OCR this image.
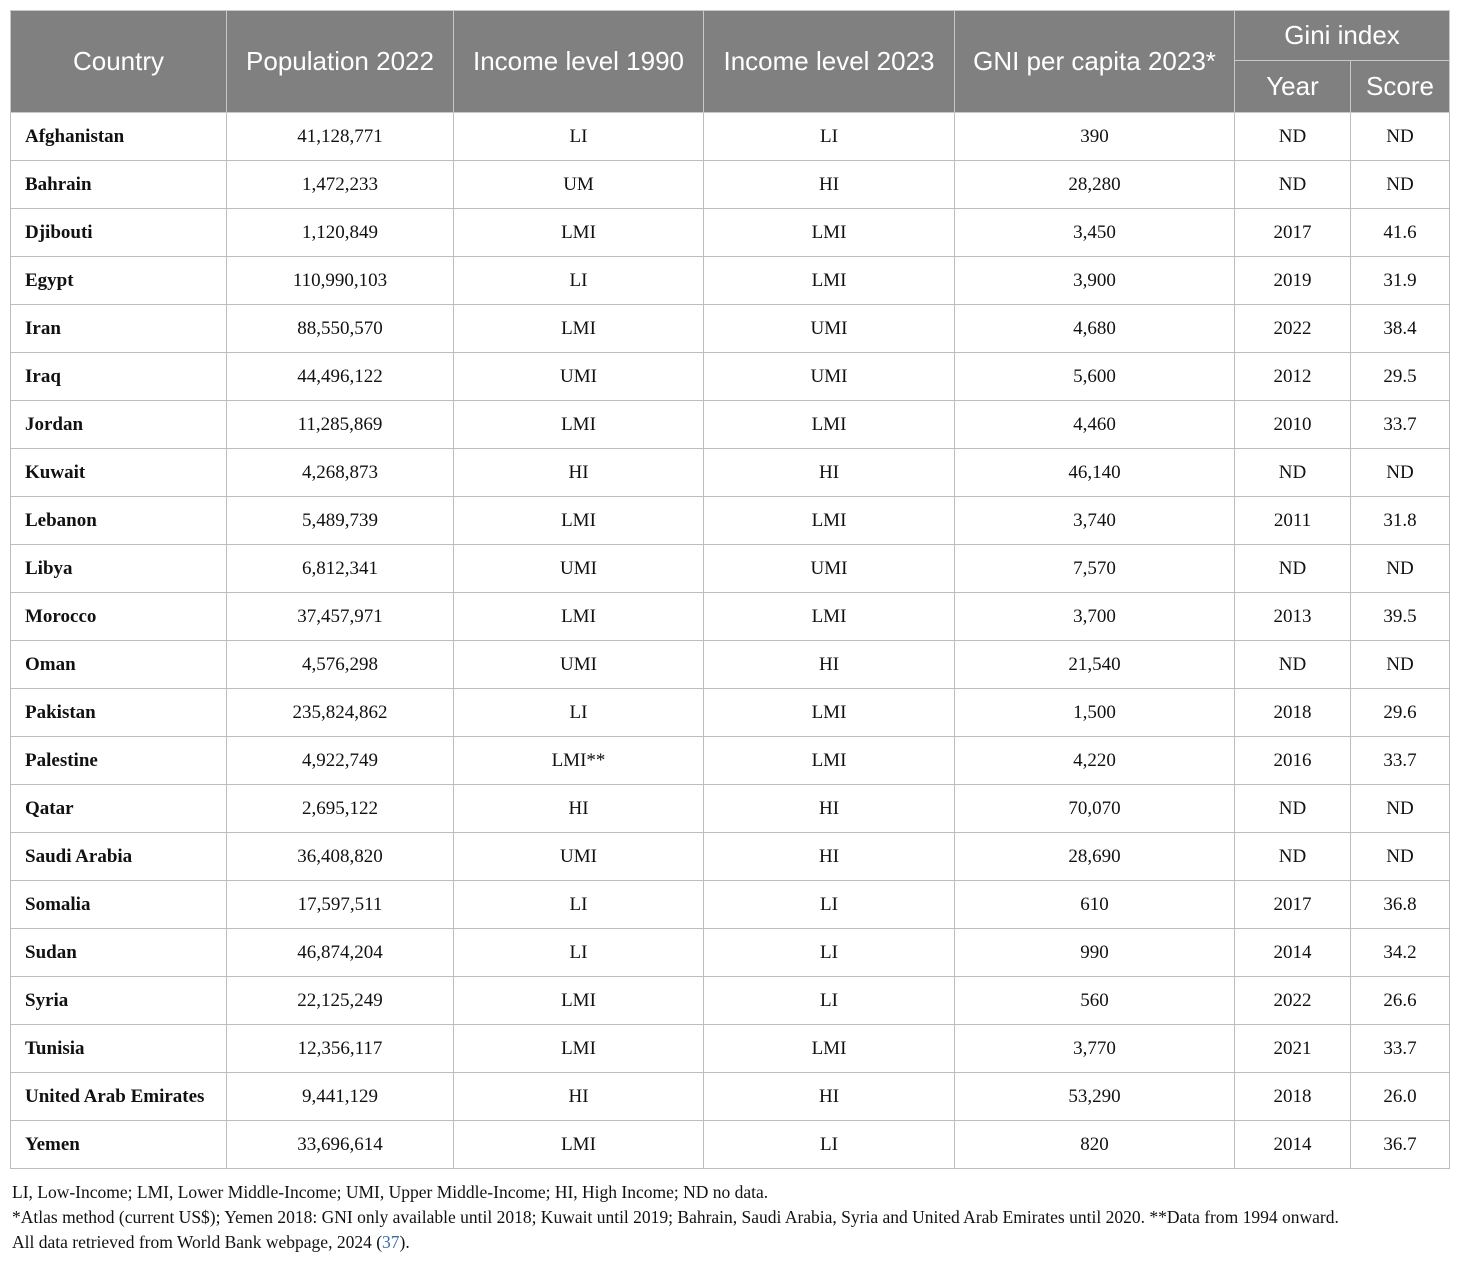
Country	Population 2022	Income level 1990	Income level 2023	GNI per capita 2023*	Gini index	
					Year	Score
Afghanistan	41,128,771	LI	LI	390	ND	ND
Bahrain	1,472,233	UM	HI	28,280	ND	ND
Djibouti	1,120,849	LMI	LMI	3,450	2017	41.6
Egypt	110,990,103	LI	LMI	3,900	2019	31.9
Iran	88,550,570	LMI	UMI	4,680	2022	38.4
Iraq	44,496,122	UMI	UMI	5,600	2012	29.5
Jordan	11,285,869	LMI	LMI	4,460	2010	33.7
Kuwait	4,268,873	HI	HI	46,140	ND	ND
Lebanon	5,489,739	LMI	LMI	3,740	2011	31.8
Libya	6,812,341	UMI	UMI	7,570	ND	ND
Morocco	37,457,971	LMI	LMI	3,700	2013	39.5
Oman	4,576,298	UMI	HI	21,540	ND	ND
Pakistan	235,824,862	LI	LMI	1,500	2018	29.6
Palestine	4,922,749	LMI**	LMI	4,220	2016	33.7
Qatar	2,695,122	HI	HI	70,070	ND	ND
Saudi Arabia	36,408,820	UMI	HI	28,690	ND	ND
Somalia	17,597,511	LI	LI	610	2017	36.8
Sudan	46,874,204	LI	LI	990	2014	34.2
Syria	22,125,249	LMI	LI	560	2022	26.6
Tunisia	12,356,117	LMI	LMI	3,770	2021	33.7
United Arab Emirates	9,441,129	HI	HI	53,290	2018	26.0
Yemen	33,696,614	LMI	LI	820	2014	36.7

LI, Low-Income; LMI, Lower Middle-Income; UMI, Upper Middle-Income; HI, High Income; ND no data.

*Atlas method (current US$); Yemen 2018: GNI only available until 2018; Kuwait until 2019; Bahrain, Saudi Arabia, Syria and United Arab Emirates until 2020. **Data from 1994 onward.

All data retrieved from World Bank webpage, 2024 (37).
